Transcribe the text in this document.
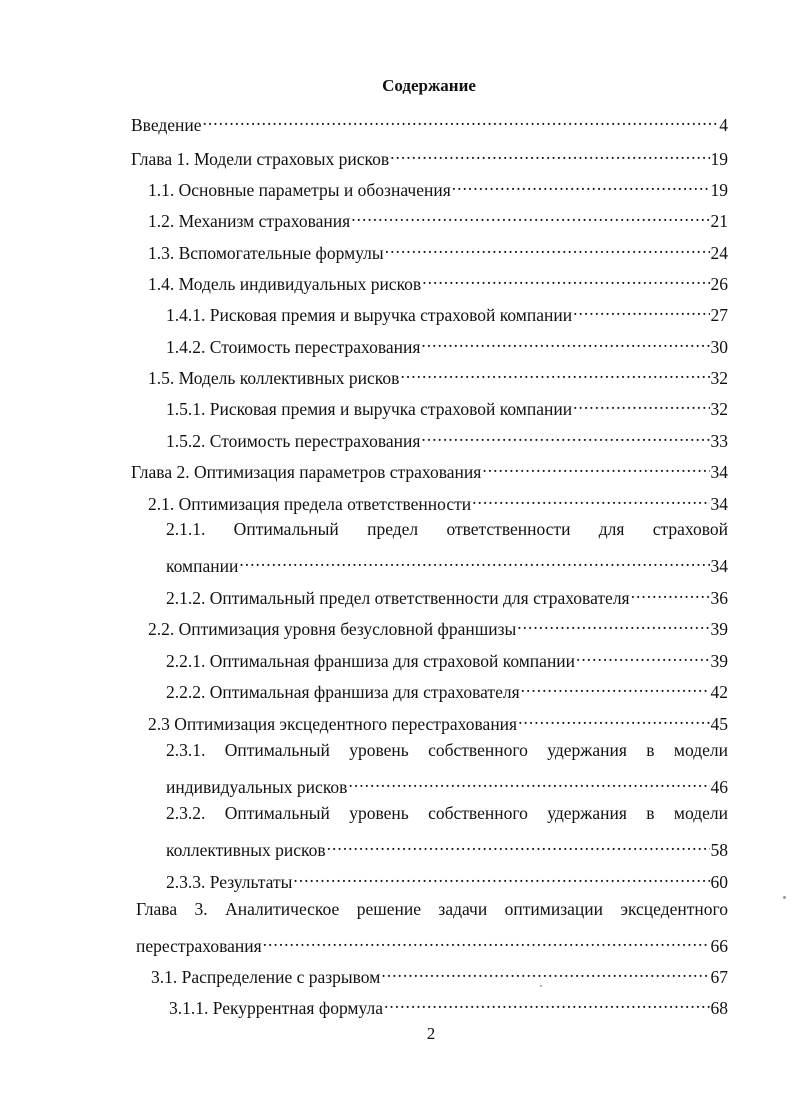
Содержание
Введение .....	4
Глава 1. Модели страховых рисков .....	19
1.1. Основные параметры и обозначения .....	19
1.2. Механизм страхования .....	21
1.3. Вспомогательные формулы .....	24
1.4. Модель индивидуальных рисков .....	26
1.4.1. Рисковая премия и выручка страховой компании .....	27
1.4.2. Стоимость перестрахования .....	30
1.5. Модель коллективных рисков .....	32
1.5.1. Рисковая премия и выручка страховой компании .....	32
1.5.2. Стоимость перестрахования .....	33
Глава 2. Оптимизация параметров страхования .....	34
2.1. Оптимизация предела ответственности .....	34
2.1.1. Оптимальный предел ответственности для страховой
компании .....	34
2.1.2. Оптимальный предел ответственности для страхователя .....	36
2.2. Оптимизация уровня безусловной франшизы .....	39
2.2.1. Оптимальная франшиза для страховой компании .....	39
2.2.2. Оптимальная франшиза для страхователя .....	42
2.3 Оптимизация эксцедентного перестрахования .....	45
2.3.1. Оптимальный уровень собственного удержания в модели
индивидуальных рисков .....	46
2.3.2. Оптимальный уровень собственного удержания в модели
коллективных рисков .....	58
2.3.3. Результаты .....	60
Глава 3. Аналитическое решение задачи оптимизации эксцедентного
перестрахования .....	66
3.1. Распределение с разрывом .....	67
3.1.1. Рекуррентная формула .....	68
2
